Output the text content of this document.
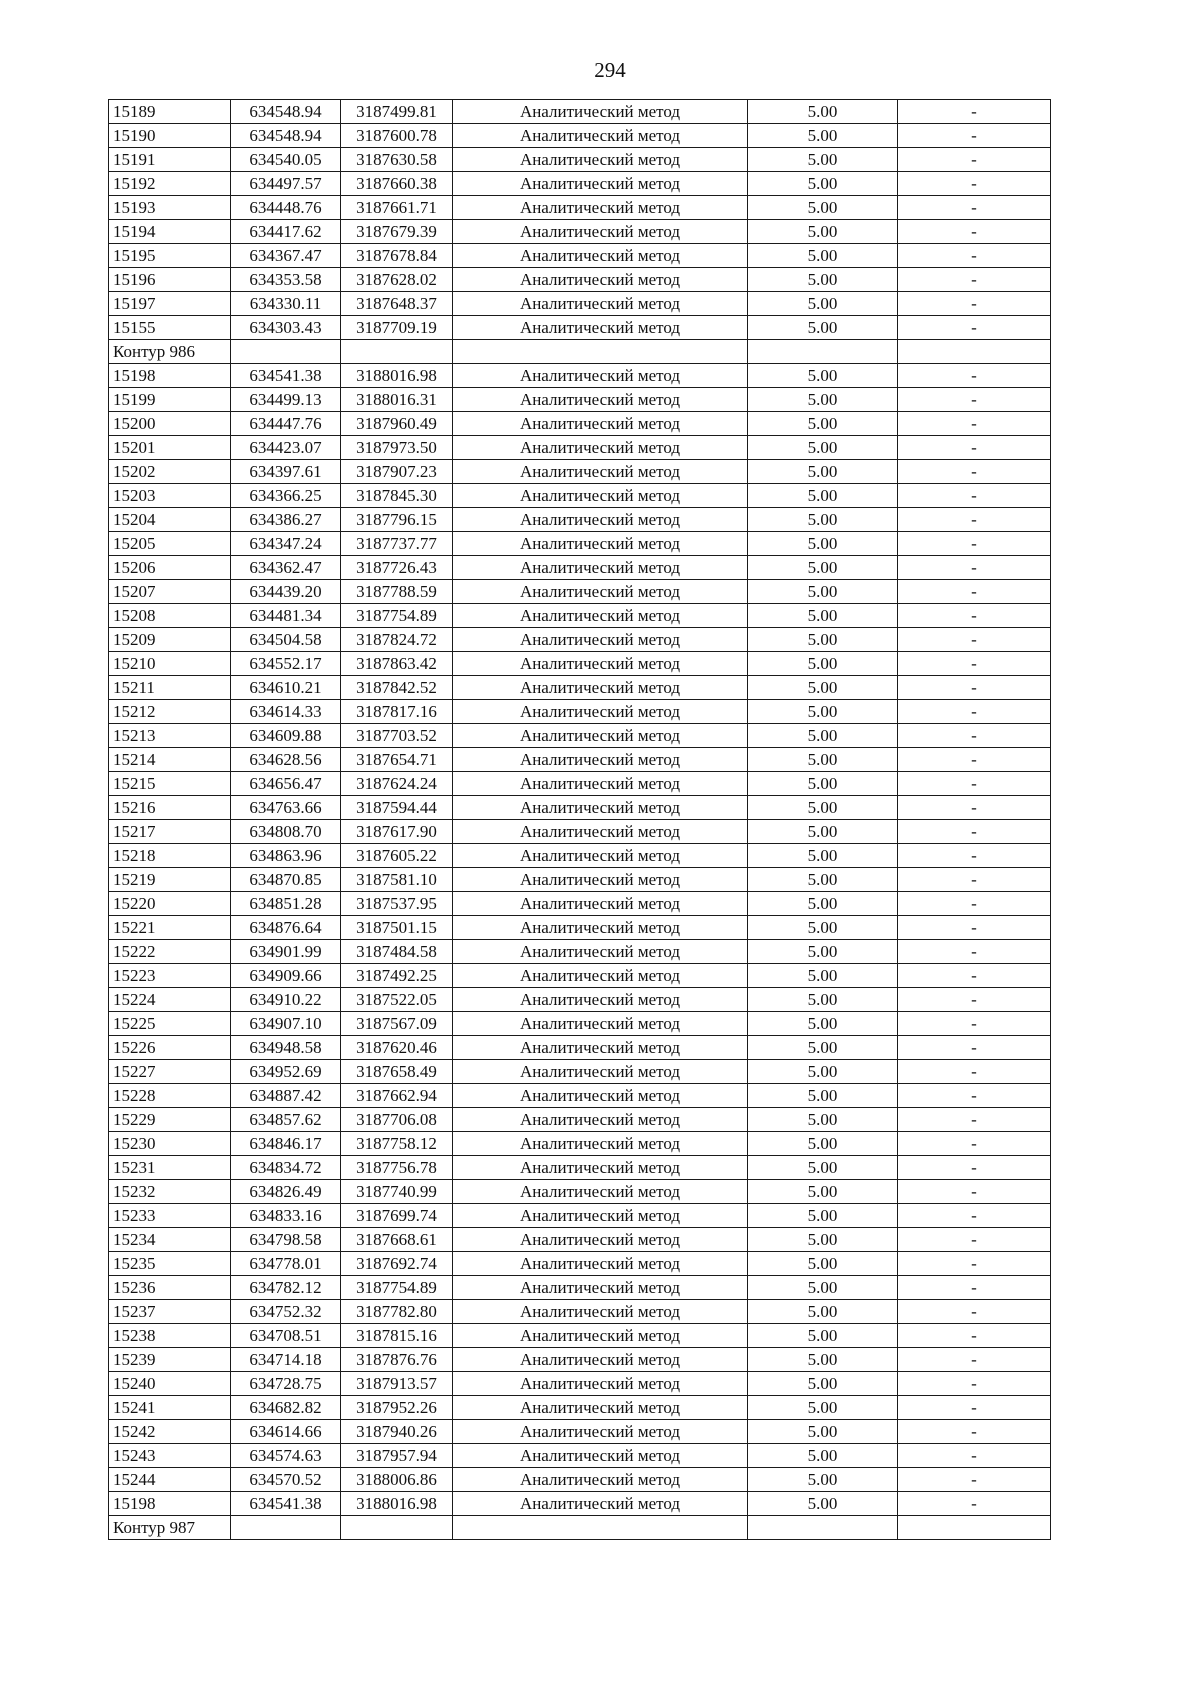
294
15189	634548.94	3187499.81	Аналитический метод	5.00	-
15190	634548.94	3187600.78	Аналитический метод	5.00	-
15191	634540.05	3187630.58	Аналитический метод	5.00	-
15192	634497.57	3187660.38	Аналитический метод	5.00	-
15193	634448.76	3187661.71	Аналитический метод	5.00	-
15194	634417.62	3187679.39	Аналитический метод	5.00	-
15195	634367.47	3187678.84	Аналитический метод	5.00	-
15196	634353.58	3187628.02	Аналитический метод	5.00	-
15197	634330.11	3187648.37	Аналитический метод	5.00	-
15155	634303.43	3187709.19	Аналитический метод	5.00	-
Контур 986					
15198	634541.38	3188016.98	Аналитический метод	5.00	-
15199	634499.13	3188016.31	Аналитический метод	5.00	-
15200	634447.76	3187960.49	Аналитический метод	5.00	-
15201	634423.07	3187973.50	Аналитический метод	5.00	-
15202	634397.61	3187907.23	Аналитический метод	5.00	-
15203	634366.25	3187845.30	Аналитический метод	5.00	-
15204	634386.27	3187796.15	Аналитический метод	5.00	-
15205	634347.24	3187737.77	Аналитический метод	5.00	-
15206	634362.47	3187726.43	Аналитический метод	5.00	-
15207	634439.20	3187788.59	Аналитический метод	5.00	-
15208	634481.34	3187754.89	Аналитический метод	5.00	-
15209	634504.58	3187824.72	Аналитический метод	5.00	-
15210	634552.17	3187863.42	Аналитический метод	5.00	-
15211	634610.21	3187842.52	Аналитический метод	5.00	-
15212	634614.33	3187817.16	Аналитический метод	5.00	-
15213	634609.88	3187703.52	Аналитический метод	5.00	-
15214	634628.56	3187654.71	Аналитический метод	5.00	-
15215	634656.47	3187624.24	Аналитический метод	5.00	-
15216	634763.66	3187594.44	Аналитический метод	5.00	-
15217	634808.70	3187617.90	Аналитический метод	5.00	-
15218	634863.96	3187605.22	Аналитический метод	5.00	-
15219	634870.85	3187581.10	Аналитический метод	5.00	-
15220	634851.28	3187537.95	Аналитический метод	5.00	-
15221	634876.64	3187501.15	Аналитический метод	5.00	-
15222	634901.99	3187484.58	Аналитический метод	5.00	-
15223	634909.66	3187492.25	Аналитический метод	5.00	-
15224	634910.22	3187522.05	Аналитический метод	5.00	-
15225	634907.10	3187567.09	Аналитический метод	5.00	-
15226	634948.58	3187620.46	Аналитический метод	5.00	-
15227	634952.69	3187658.49	Аналитический метод	5.00	-
15228	634887.42	3187662.94	Аналитический метод	5.00	-
15229	634857.62	3187706.08	Аналитический метод	5.00	-
15230	634846.17	3187758.12	Аналитический метод	5.00	-
15231	634834.72	3187756.78	Аналитический метод	5.00	-
15232	634826.49	3187740.99	Аналитический метод	5.00	-
15233	634833.16	3187699.74	Аналитический метод	5.00	-
15234	634798.58	3187668.61	Аналитический метод	5.00	-
15235	634778.01	3187692.74	Аналитический метод	5.00	-
15236	634782.12	3187754.89	Аналитический метод	5.00	-
15237	634752.32	3187782.80	Аналитический метод	5.00	-
15238	634708.51	3187815.16	Аналитический метод	5.00	-
15239	634714.18	3187876.76	Аналитический метод	5.00	-
15240	634728.75	3187913.57	Аналитический метод	5.00	-
15241	634682.82	3187952.26	Аналитический метод	5.00	-
15242	634614.66	3187940.26	Аналитический метод	5.00	-
15243	634574.63	3187957.94	Аналитический метод	5.00	-
15244	634570.52	3188006.86	Аналитический метод	5.00	-
15198	634541.38	3188016.98	Аналитический метод	5.00	-
Контур 987					
